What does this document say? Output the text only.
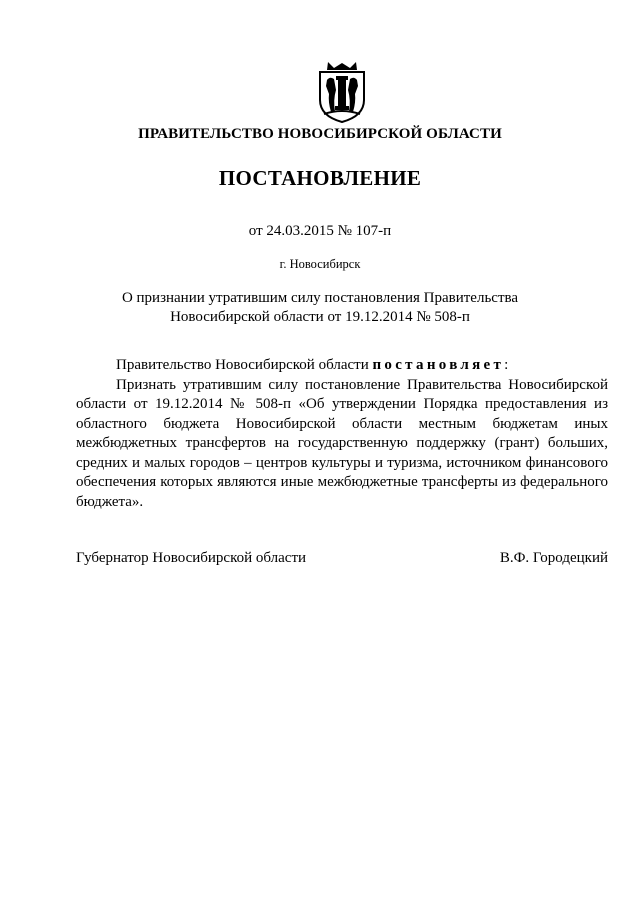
ПРАВИТЕЛЬСТВО НОВОСИБИРСКОЙ ОБЛАСТИ
ПОСТАНОВЛЕНИЕ
от 24.03.2015 № 107-п
г. Новосибирск
О признании утратившим силу постановления Правительства
Новосибирской области от 19.12.2014 № 508-п

Правительство Новосибирской области постановляет:

Признать утратившим силу постановление Правительства Новосибирской области от 19.12.2014 № 508-п «Об утверждении Порядка предоставления из областного бюджета Новосибирской области местным бюджетам иных межбюджетных трансфертов на государственную поддержку (грант) больших, средних и малых городов – центров культуры и туризма, источником финансового обеспечения которых являются иные межбюджетные трансферты из федерального бюджета».

Губернатор Новосибирской области	В.Ф. Городецкий
